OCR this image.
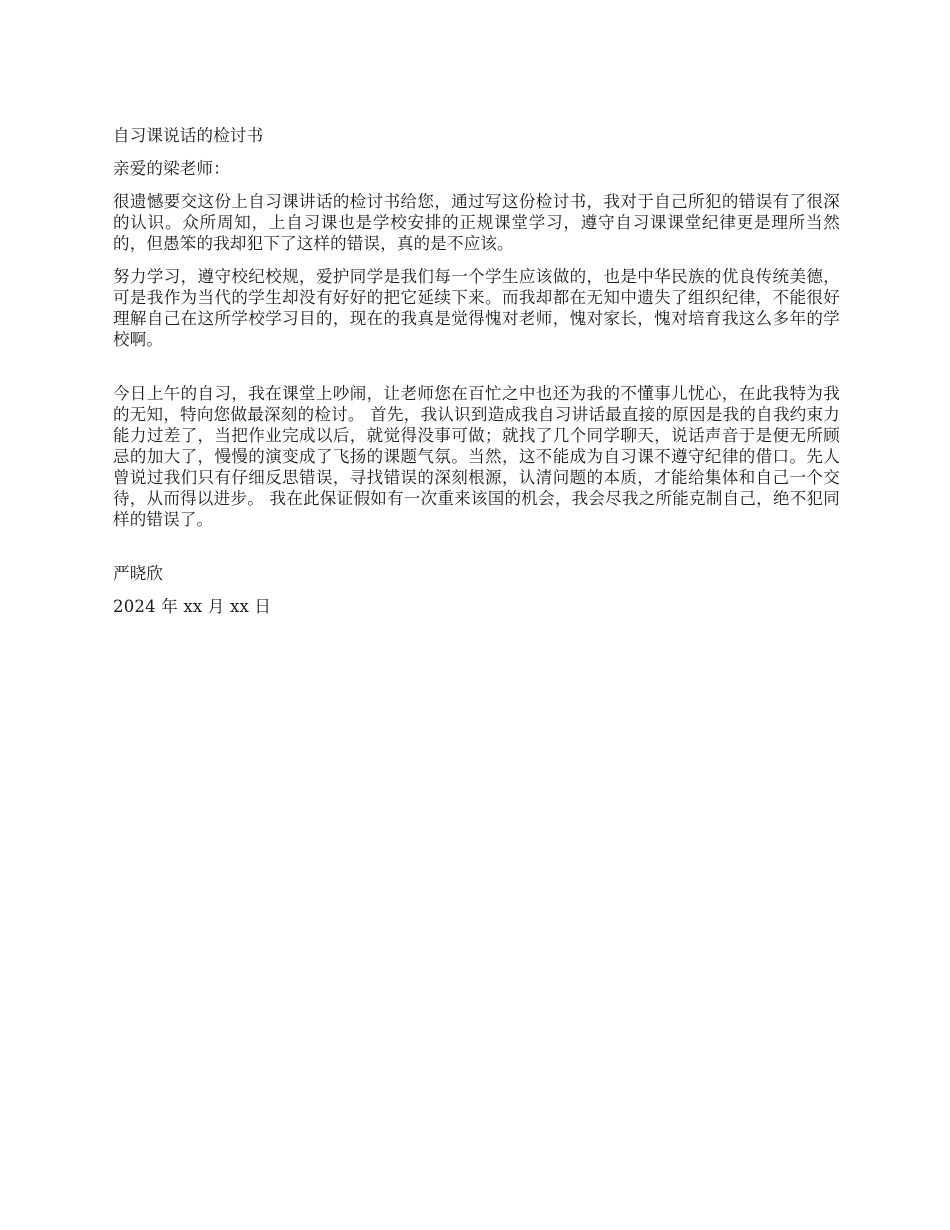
自习课说话的检讨书

亲爱的梁老师：

很遗憾要交这份上自习课讲话的检讨书给您，通过写这份检讨书，我对于自己所犯的错误有了很深的认识。众所周知，上自习课也是学校安排的正规课堂学习，遵守自习课课堂纪律更是理所当然的，但愚笨的我却犯下了这样的错误，真的是不应该。

努力学习，遵守校纪校规，爱护同学是我们每一个学生应该做的，也是中华民族的优良传统美德，可是我作为当代的学生却没有好好的把它延续下来。而我却都在无知中遗失了组织纪律，不能很好理解自己在这所学校学习目的，现在的我真是觉得愧对老师，愧对家长，愧对培育我这么多年的学校啊。

今日上午的自习，我在课堂上吵闹，让老师您在百忙之中也还为我的不懂事儿忧心，在此我特为我的无知，特向您做最深刻的检讨。 首先，我认识到造成我自习讲话最直接的原因是我的自我约束力能力过差了，当把作业完成以后，就觉得没事可做；就找了几个同学聊天，说话声音于是便无所顾忌的加大了，慢慢的演变成了飞扬的课题气氛。当然，这不能成为自习课不遵守纪律的借口。先人曾说过我们只有仔细反思错误，寻找错误的深刻根源，认清问题的本质，才能给集体和自己一个交待，从而得以进步。 我在此保证假如有一次重来该国的机会，我会尽我之所能克制自己，绝不犯同样的错误了。

严晓欣

2024 年 xx 月 xx 日
